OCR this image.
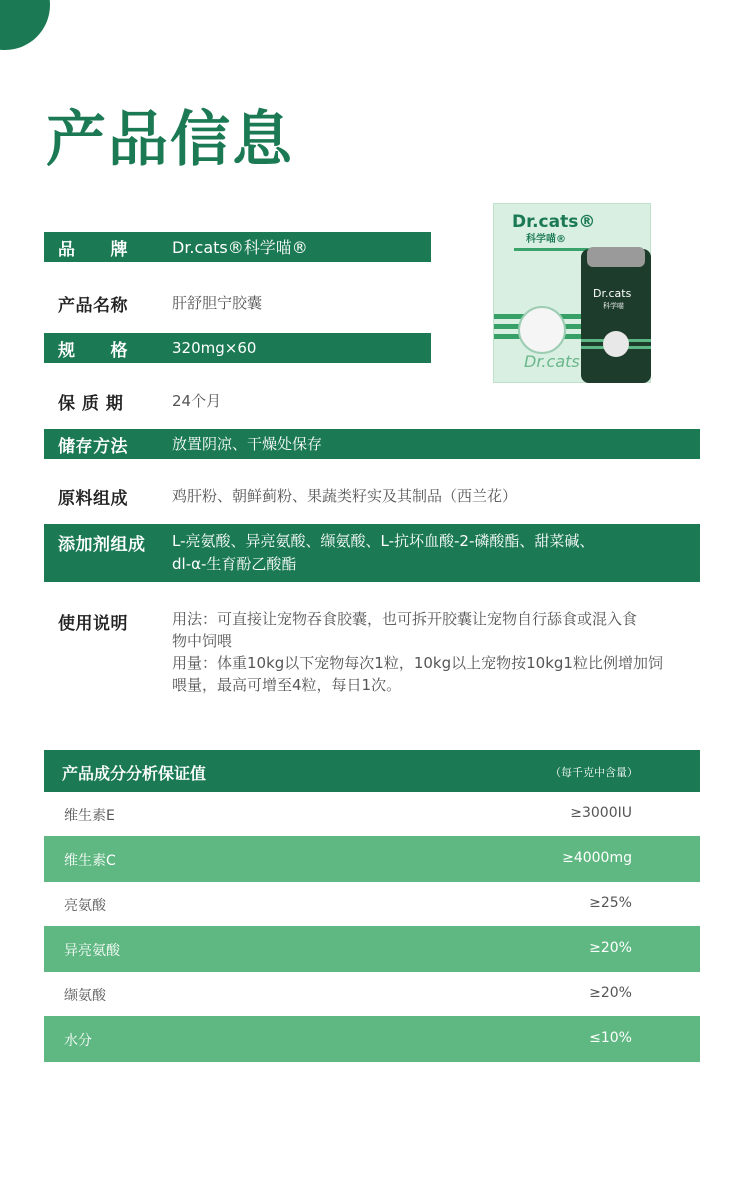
产品信息
品　　牌	Dr.cats®科学喵®
产品名称	肝舒胆宁胶囊
规　　格	320mg×60
保 质 期	24个月
储存方法	放置阴凉、干燥处保存
原料组成	鸡肝粉、朝鲜蓟粉、果蔬类籽实及其制品（西兰花）
添加剂组成	L-亮氨酸、异亮氨酸、缬氨酸、L-抗坏血酸-2-磷酸酯、甜菜碱、
dl-α-生育酚乙酸酯
使用说明	用法：可直接让宠物吞食胶囊，也可拆开胶囊让宠物自行舔食或混入食
物中饲喂
用量：体重10kg以下宠物每次1粒，10kg以上宠物按10kg1粒比例增加饲
喂量，最高可增至4粒，每日1次。
Dr.cats®
科学喵®
Dr.cats
Dr.cats
科学喵
产品成分分析保证值	（每千克中含量）
维生素E	≥3000IU
维生素C	≥4000mg
亮氨酸	≥25%
异亮氨酸	≥20%
缬氨酸	≥20%
水分	≤10%
